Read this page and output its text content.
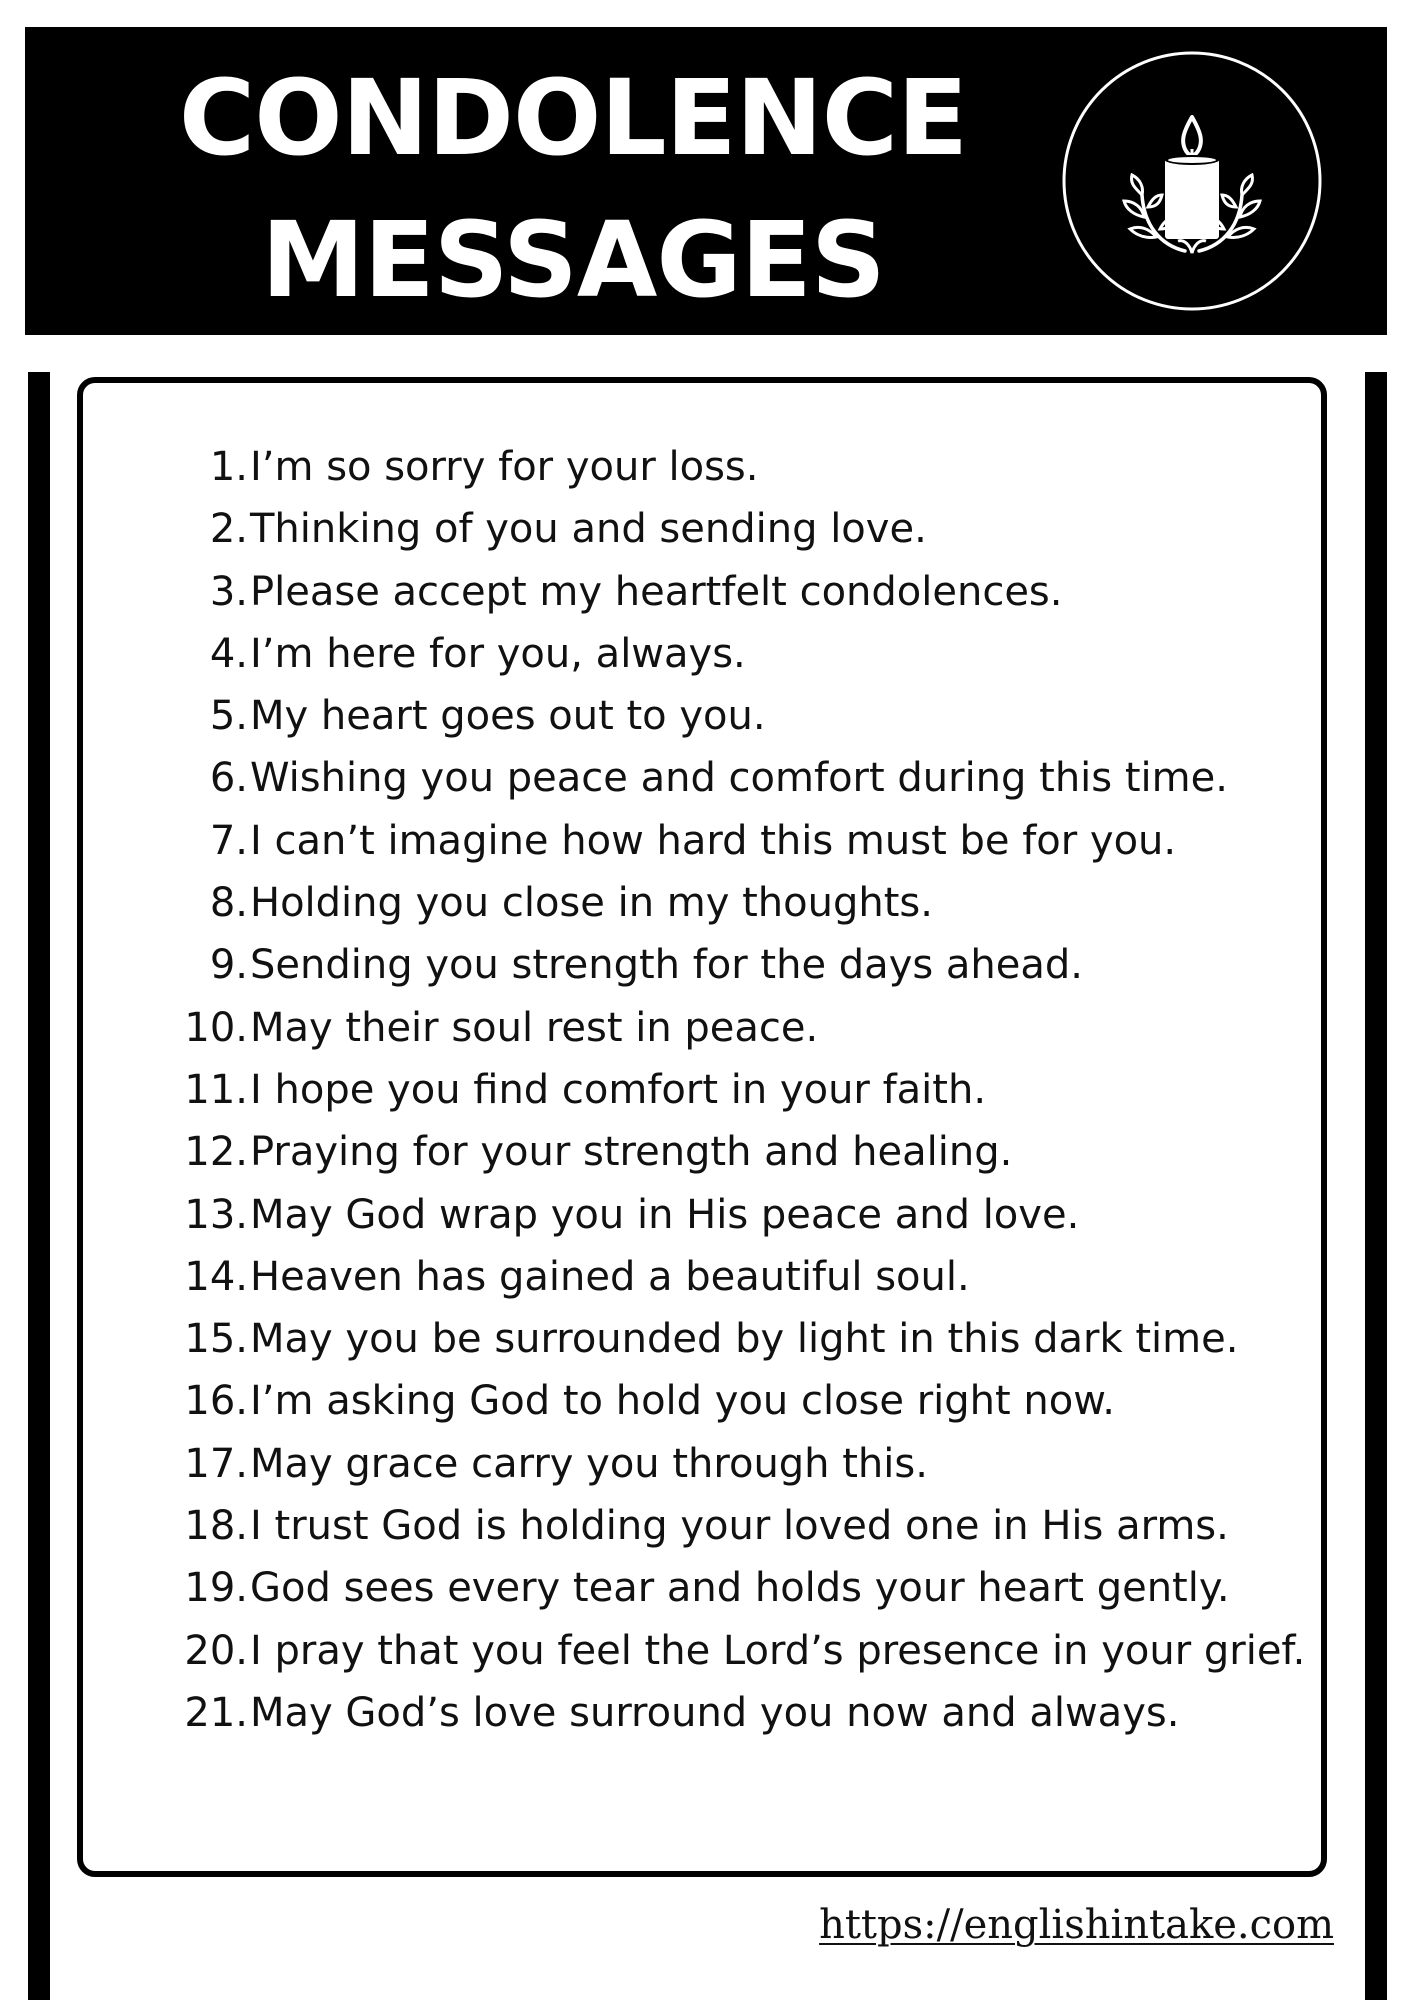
CONDOLENCE
MESSAGES
1. I’m so sorry for your loss.
2. Thinking of you and sending love.
3. Please accept my heartfelt condolences.
4. I’m here for you, always.
5. My heart goes out to you.
6. Wishing you peace and comfort during this time.
7. I can’t imagine how hard this must be for you.
8. Holding you close in my thoughts.
9. Sending you strength for the days ahead.
10. May their soul rest in peace.
11. I hope you find comfort in your faith.
12. Praying for your strength and healing.
13. May God wrap you in His peace and love.
14. Heaven has gained a beautiful soul.
15. May you be surrounded by light in this dark time.
16. I’m asking God to hold you close right now.
17. May grace carry you through this.
18. I trust God is holding your loved one in His arms.
19. God sees every tear and holds your heart gently.
20. I pray that you feel the Lord’s presence in your grief.
21. May God’s love surround you now and always.
https://englishintake.com
